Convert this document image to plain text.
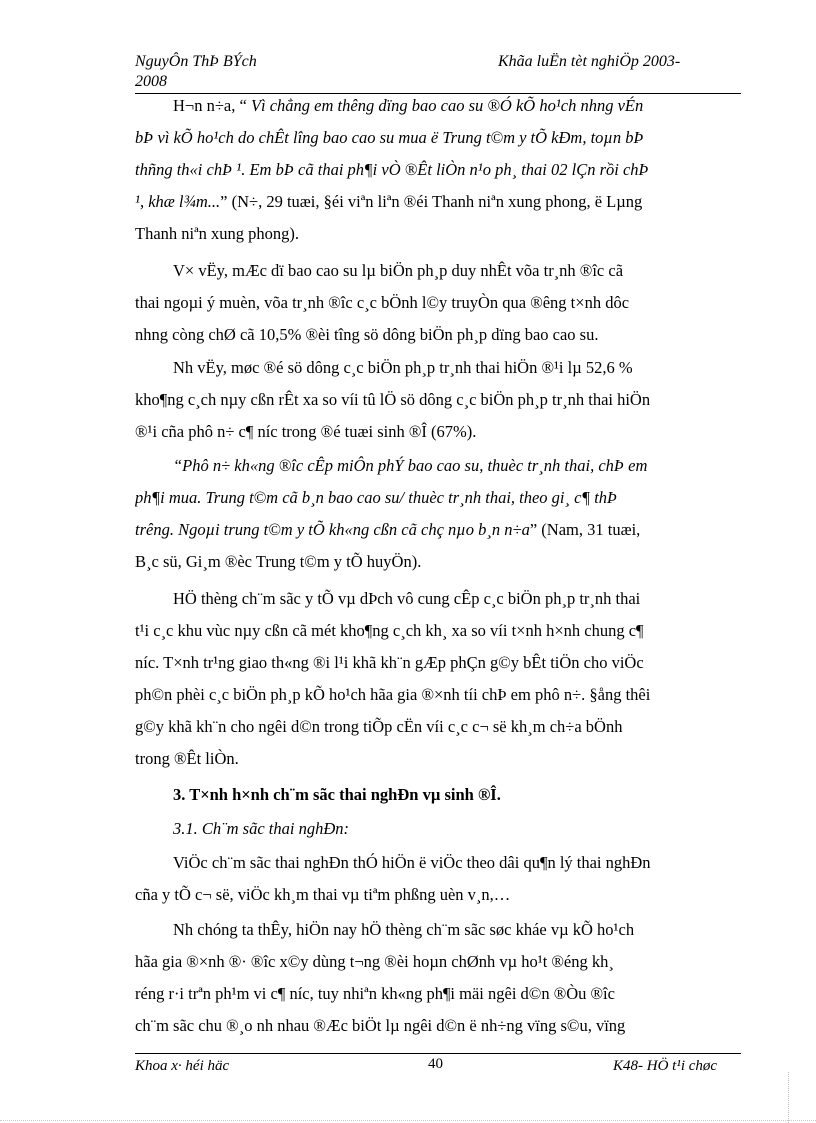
NguyÔn ThÞ BÝch
2008
Khãa luËn tèt nghiÖp 2003-
H¬n n÷a, “ Vì chẳng em thêng dïng bao cao su ®Ó kÕ ho¹ch nhng vÉn
bÞ vì kÕ ho¹ch do chÊt lîng bao cao su mua ë Trung t©m y tÕ kÐm, toµn bÞ
thñng th«i chÞ ¹. Em bÞ cã thai ph¶i vÒ ®Êt liÒn n¹o ph¸ thai 02 lÇn rồi chÞ
¹, khæ l¾m...” (N÷, 29 tuæi, §éi viªn liªn ®éi Thanh niªn xung phong, ë Lµng
Thanh niªn xung phong).
V× vËy, mÆc dï bao cao su lµ biÖn ph¸p duy nhÊt võa tr¸nh ®îc cã
thai ngoµi ý muèn, võa tr¸nh ®îc c¸c bÖnh l©y truyÒn qua ®êng t×nh dôc
nhng còng chØ cã 10,5% ®èi tîng sö dông biÖn ph¸p dïng bao cao su.
Nh vËy, møc ®é sö dông c¸c biÖn ph¸p tr¸nh thai hiÖn ®¹i lµ 52,6 %
kho¶ng c¸ch nµy cßn rÊt xa so víi tû lÖ sö dông c¸c biÖn ph¸p tr¸nh thai hiÖn
®¹i cña phô n÷ c¶ níc trong ®é tuæi sinh ®Î (67%).
“Phô n÷ kh«ng ®îc cÊp miÔn phÝ bao cao su, thuèc tr¸nh thai, chÞ em
ph¶i mua. Trung t©m cã b¸n bao cao su/ thuèc tr¸nh thai, theo gi¸ c¶ thÞ
trêng. Ngoµi trung t©m y tÕ kh«ng cßn cã chç nµo b¸n n÷a” (Nam, 31 tuæi,
B¸c sü, Gi¸m ®èc Trung t©m y tÕ huyÖn).
HÖ thèng ch¨m sãc y tÕ vµ dÞch vô cung cÊp c¸c biÖn ph¸p tr¸nh thai
t¹i c¸c khu vùc nµy cßn cã mét kho¶ng c¸ch kh¸ xa so víi t×nh h×nh chung c¶
níc. T×nh tr¹ng giao th«ng ®i l¹i khã kh¨n gÆp phÇn g©y bÊt tiÖn cho viÖc
ph©n phèi c¸c biÖn ph¸p kÕ ho¹ch hãa gia ®×nh tíi chÞ em phô n÷. §ång thêi
g©y khã kh¨n cho ngêi d©n trong tiÕp cËn víi c¸c c¬ së kh¸m ch÷a bÖnh
trong ®Êt liÒn.
3. T×nh h×nh ch¨m sãc thai nghÐn vµ sinh ®Î.
3.1. Ch¨m sãc thai nghÐn:
ViÖc ch¨m sãc thai nghÐn thÓ hiÖn ë viÖc theo dâi qu¶n lý thai nghÐn
cña y tÕ c¬ së, viÖc kh¸m thai vµ tiªm phßng uèn v¸n,…
Nh chóng ta thÊy, hiÖn nay hÖ thèng ch¨m sãc søc kháe vµ kÕ ho¹ch
hãa gia ®×nh ®· ®îc x©y dùng t¬ng ®èi hoµn chØnh vµ ho¹t ®éng kh¸
réng r·i trªn ph¹m vi c¶ níc, tuy nhiªn kh«ng ph¶i mäi ngêi d©n ®Òu ®îc
ch¨m sãc chu ®¸o nh nhau ®Æc biÖt lµ ngêi d©n ë nh÷ng vïng s©u, vïng
Khoa x· héi häc	40	K48- HÖ t¹i chøc
